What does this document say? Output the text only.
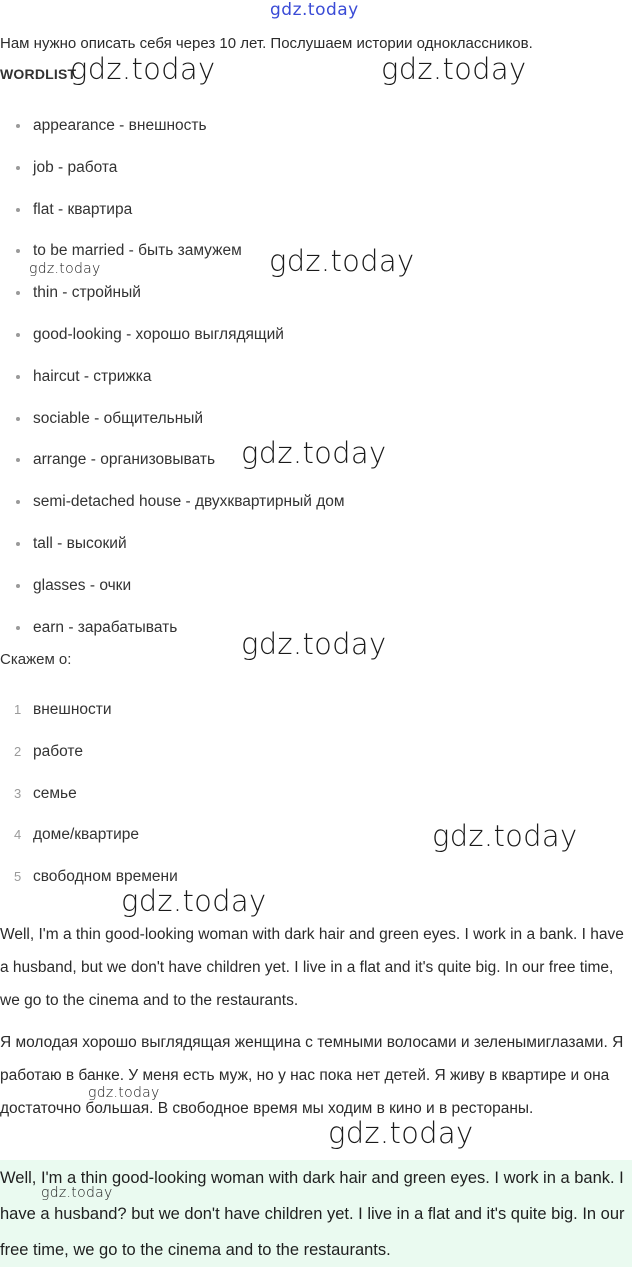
gdz.today
Нам нужно описать себя через 10 лет. Послушаем истории одноклассников.
WORDLIST
appearance - внешность
job - работа
flat - квартира
to be married - быть замужем
thin - стройный
good-looking - хорошо выглядящий
haircut - стрижка
sociable - общительный
arrange - организовывать
semi-detached house - двухквартирный дом
tall - высокий
glasses - очки
earn - зарабатывать
Скажем о:
1 внешности
2 работе
3 семье
4 доме/квартире
5 свободном времени

Well, I'm a thin good-looking woman with dark hair and green eyes. I work in a bank. I have a husband, but we don't have children yet. I live in a flat and it's quite big. In our free time, we go to the cinema and to the restaurants.

Я молодая хорошо выглядящая женщина с темными волосами и зеленымиглазами. Я работаю в банке. У меня есть муж, но у нас пока нет детей. Я живу в квартире и она достаточно большая. В свободное время мы ходим в кино и в рестораны.

Well, I'm a thin good-looking woman with dark hair and green eyes. I work in a bank. I have a husband? but we don't have children yet. I live in a flat and it's quite big. In our free time, we go to the cinema and to the restaurants.

gdz.today	gdz.today
gdz.today
gdz.today
gdz.today
gdz.today
gdz.today
gdz.today
gdz.today
gdz.today
gdz.today
